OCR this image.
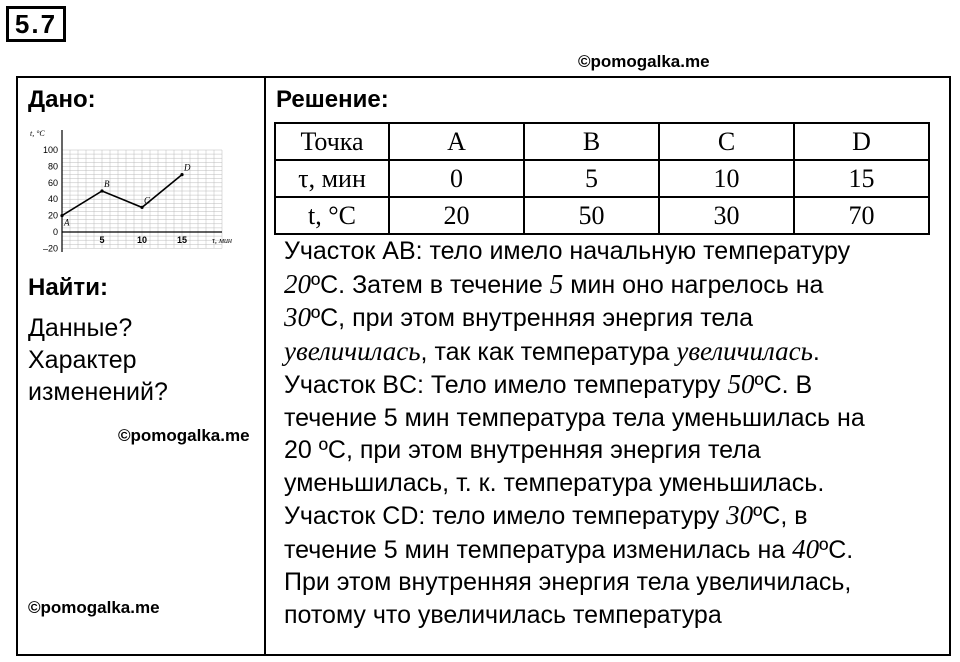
5.7
©pomogalka.me
Дано:
t, °C
τ, мин
100
80
60
40
20
0
–20
5	10	15
A
B
C
D
Найти:
Данные?
Характер
изменений?
©pomogalka.me
©pomogalka.me
Решение:
Точка	A	B	C	D
τ, мин	0	5	10	15
t, °C	20	50	30	70

Участок AB: тело имело начальную температуру

20ºC. Затем в течение 5 мин оно нагрелось на

30ºC, при этом внутренняя энергия тела

увеличилась, так как температура увеличилась.

Участок BC: Тело имело температуру 50ºC. В

течение 5 мин температура тела уменьшилась на

20 ºC, при этом внутренняя энергия тела

уменьшилась, т. к. температура уменьшилась.

Участок CD: тело имело температуру 30ºC, в

течение 5 мин температура изменилась на 40ºC.

При этом внутренняя энергия тела увеличилась,

потому что увеличилась температура
